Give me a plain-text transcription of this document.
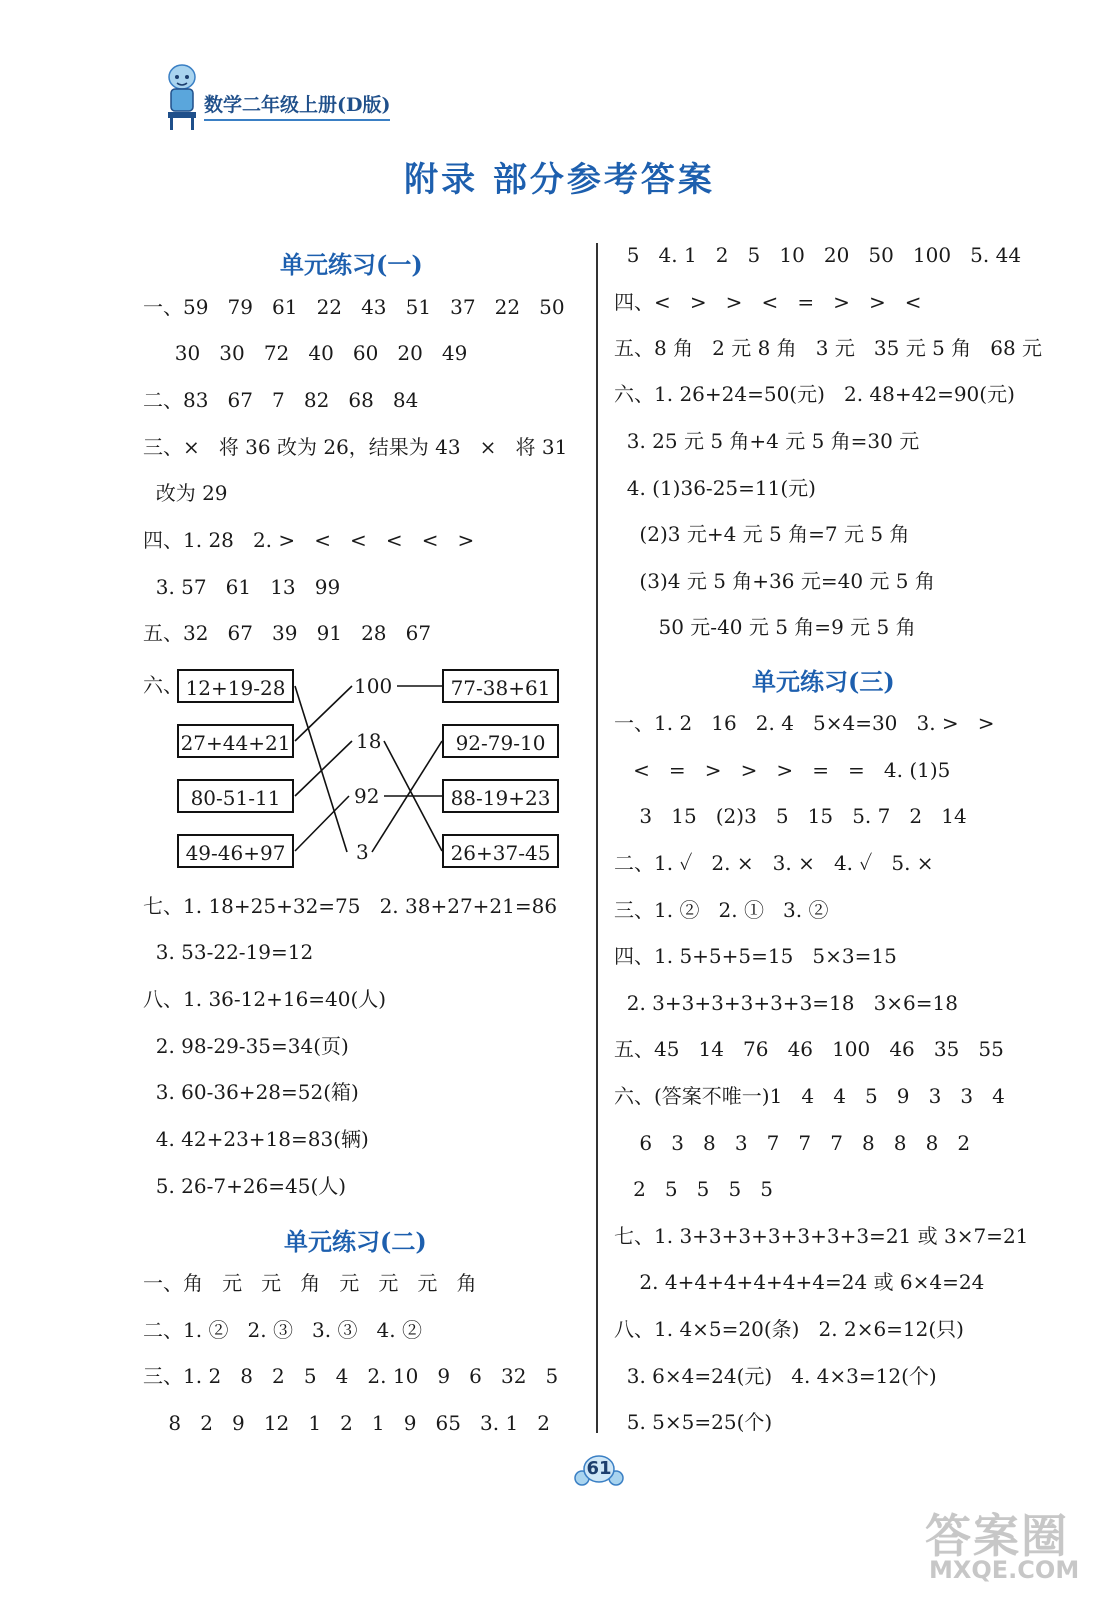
数学二年级上册(D版)
附录 部分参考答案
单元练习(一)
一、59   79   61   22   43   51   37   22   50
30   30   72   40   60   20   49
二、83   67   7   82   68   84
三、×   将 36 改为 26，结果为 43   ×   将 31
改为 29
四、1. 28   2. >   <   <   <   <   >
3. 57   61   13   99
五、32   67   39   91   28   67
六、 12+19-28
27+44+21
80-51-11
49-46+97
100
18
92
3
77-38+61
92-79-10
88-19+23
26+37-45
七、1. 18+25+32=75   2. 38+27+21=86
3. 53-22-19=12
八、1. 36-12+16=40(人)
2. 98-29-35=34(页)
3. 60-36+28=52(箱)
4. 42+23+18=83(辆)
5. 26-7+26=45(人)
单元练习(二)
一、角   元   元   角   元   元   元   角
二、1. ②   2. ③   3. ③   4. ②
三、1. 2   8   2   5   4   2. 10   9   6   32   5
8   2   9   12   1   2   1   9   65   3. 1   2
5   4. 1   2   5   10   20   50   100   5. 44
四、<   >   >   <   =   >   >   <
五、8 角   2 元 8 角   3 元   35 元 5 角   68 元
六、1. 26+24=50(元)   2. 48+42=90(元)
3. 25 元 5 角+4 元 5 角=30 元
4. (1)36-25=11(元)
(2)3 元+4 元 5 角=7 元 5 角
(3)4 元 5 角+36 元=40 元 5 角
50 元-40 元 5 角=9 元 5 角
单元练习(三)
一、1. 2   16   2. 4   5×4=30   3. >   >
<   =   >   >   >   =   =   4. (1)5
3   15   (2)3   5   15   5. 7   2   14
二、1. ✓   2. ×   3. ×   4. ✓   5. ×
三、1. ②   2. ①   3. ②
四、1. 5+5+5=15   5×3=15
2. 3+3+3+3+3+3=18   3×6=18
五、45   14   76   46   100   46   35   55
六、(答案不唯一)1   4   4   5   9   3   3   4
6   3   8   3   7   7   7   8   8   8   2
2   5   5   5   5
七、1. 3+3+3+3+3+3+3=21 或 3×7=21
2. 4+4+4+4+4+4=24 或 6×4=24
八、1. 4×5=20(条)   2. 2×6=12(只)
3. 6×4=24(元)   4. 4×3=12(个)
5. 5×5=25(个)
61
答案圈
MXQE.COM
